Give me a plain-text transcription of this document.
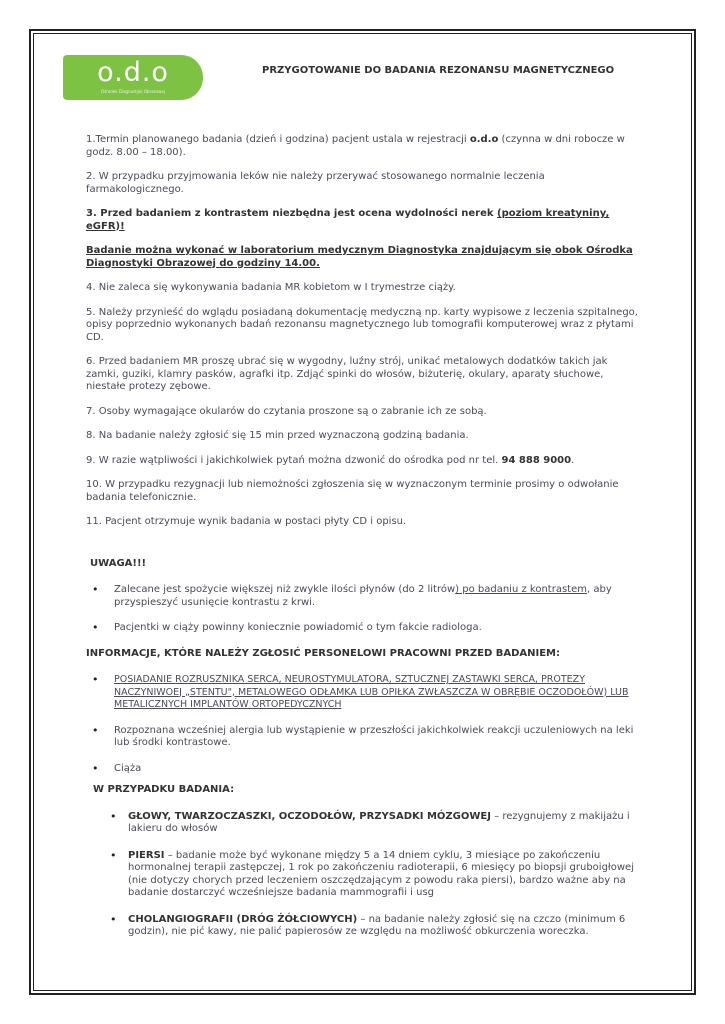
o.d.o
Ośrodek Diagnostyki Obrazowej
PRZYGOTOWANIE DO BADANIA REZONANSU MAGNETYCZNEGO

1.Termin planowanego badania (dzień i godzina) pacjent ustala w rejestracji o.d.o (czynna w dni robocze w godz. 8.00 – 18.00).

2. W przypadku przyjmowania leków nie należy przerywać stosowanego normalnie leczenia farmakologicznego.

3. Przed badaniem z kontrastem niezbędna jest ocena wydolności nerek (poziom kreatyniny, eGFR)!

Badanie można wykonać w laboratorium medycznym Diagnostyka znajdującym się obok Ośrodka Diagnostyki Obrazowej do godziny 14.00.

4. Nie zaleca się wykonywania badania MR kobietom w I trymestrze ciąży.

5. Należy przynieść do wglądu posiadaną dokumentację medyczną np. karty wypisowe z leczenia szpitalnego, opisy poprzednio wykonanych badań rezonansu magnetycznego lub tomografii komputerowej wraz z płytami CD.

6. Przed badaniem MR proszę ubrać się w wygodny, luźny strój, unikać metalowych dodatków takich jak zamki, guziki, klamry pasków, agrafki itp. Zdjąć spinki do włosów, biżuterię, okulary, aparaty słuchowe, niestałe protezy zębowe.

7. Osoby wymagające okularów do czytania proszone są o zabranie ich ze sobą.

8. Na badanie należy zgłosić się 15 min przed wyznaczoną godziną badania.

9. W razie wątpliwości i jakichkolwiek pytań można dzwonić do ośrodka pod nr tel. 94 888 9000.

10. W przypadku rezygnacji lub niemożności zgłoszenia się w wyznaczonym terminie prosimy o odwołanie badania telefonicznie.

11. Pacjent otrzymuje wynik badania w postaci płyty CD i opisu.

UWAGA!!!

• Zalecane jest spożycie większej niż zwykle ilości płynów (do 2 litrów) po badaniu z kontrastem, aby przyspieszyć usunięcie kontrastu z krwi.
• Pacjentki w ciąży powinny koniecznie powiadomić o tym fakcie radiologa.

INFORMACJE, KTÓRE NALEŻY ZGŁOSIĆ PERSONELOWI PRACOWNI PRZED BADANIEM:

• POSIADANIE ROZRUSZNIKA SERCA, NEUROSTYMULATORA, SZTUCZNEJ ZASTAWKI SERCA, PROTEZY NACZYNIWOEJ „STENTU", METALOWEGO ODŁAMKA LUB OPIŁKA ZWŁASZCZA W OBRĘBIE OCZODOŁÓW) LUB METALICZNYCH IMPLANTÓW ORTOPEDYCZNYCH
• Rozpoznana wcześniej alergia lub wystąpienie w przeszłości jakichkolwiek reakcji uczuleniowych na leki lub środki kontrastowe.
• Ciąża

W PRZYPADKU BADANIA:

• GŁOWY, TWARZOCZASZKI, OCZODOŁÓW, PRZYSADKI MÓZGOWEJ – rezygnujemy z makijażu i lakieru do włosów
• PIERSI – badanie może być wykonane między 5 a 14 dniem cyklu, 3 miesiące po zakończeniu hormonalnej terapii zastępczej, 1 rok po zakończeniu radioterapii, 6 miesięcy po biopsji gruboigłowej (nie dotyczy chorych przed leczeniem oszczędzającym z powodu raka piersi), bardzo ważne aby na badanie dostarczyć wcześniejsze badania mammografii i usg
• CHOLANGIOGRAFII (DRÓG ŻÓŁCIOWYCH) – na badanie należy zgłosić się na czczo (minimum 6 godzin), nie pić kawy, nie palić papierosów ze względu na możliwość obkurczenia woreczka.
